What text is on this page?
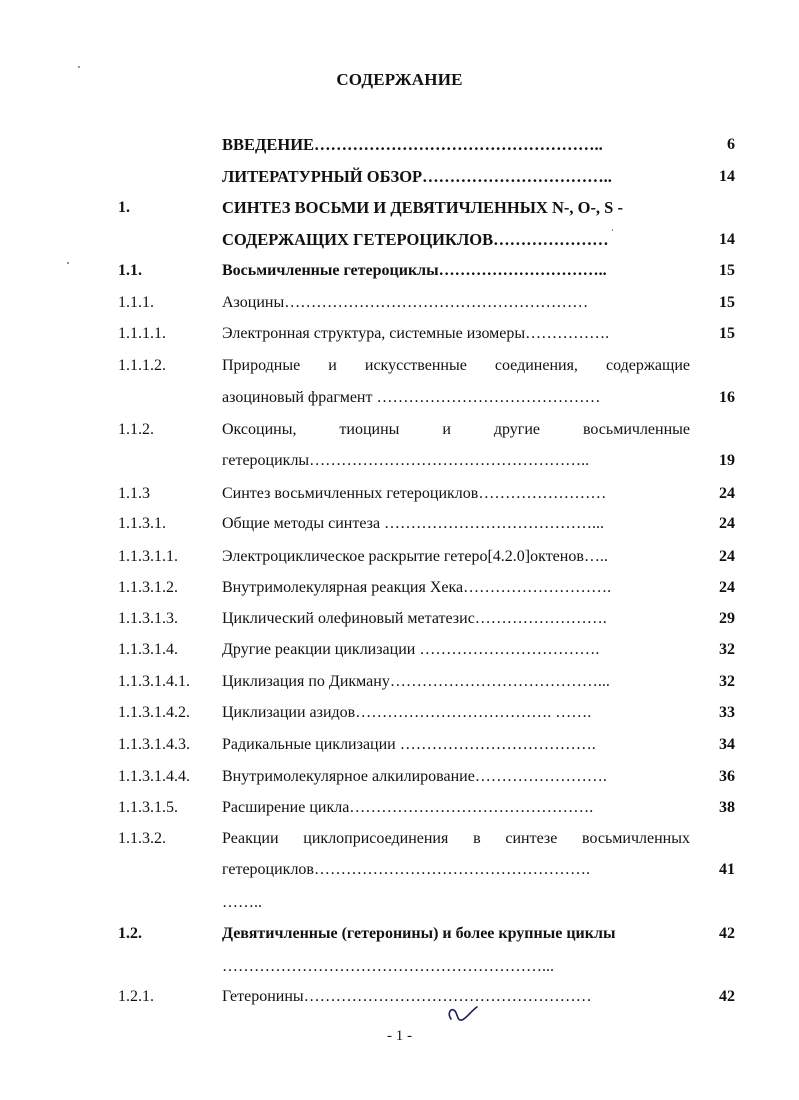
СОДЕРЖАНИЕ
ВВЕДЕНИЕ……………………………………………..	6
ЛИТЕРАТУРНЫЙ ОБЗОР……………………………..	14
1.	СИНТЕЗ ВОСЬМИ И ДЕВЯТИЧЛЕННЫХ N-, O-, S -
СОДЕРЖАЩИХ ГЕТЕРОЦИКЛОВ…………………	14
1.1.	Восьмичленные гетероциклы…………………………..	15
1.1.1.	Азоцины…………………………………………………	15
1.1.1.1.	Электронная структура, системные изомеры…………….	15
1.1.1.2.	Природные и искусственные соединения, содержащие
азоциновый фрагмент ……………………………………	16
1.1.2.	Оксоцины, тиоцины и другие восьмичленные
гетероциклы……………………………………………..	19
1.1.3	Синтез восьмичленных гетероциклов……………………	24
1.1.3.1.	Общие методы синтеза …………………………………...	24
1.1.3.1.1.	Электроциклическое раскрытие гетеро[4.2.0]октенов…..	24
1.1.3.1.2.	Внутримолекулярная реакция Хека……………………….	24
1.1.3.1.3.	Циклический олефиновый метатезис…………………….	29
1.1.3.1.4.	Другие реакции циклизации …………………………….	32
1.1.3.1.4.1. Циклизация по Дикману…………………………………...	32
1.1.3.1.4.2. Циклизации азидов………………………………. …….	33
1.1.3.1.4.3. Радикальные циклизации ……………………………….	34
1.1.3.1.4.4. Внутримолекулярное алкилирование…………………….	36
1.1.3.1.5.	Расширение цикла……………………………………….	38
1.1.3.2.	Реакции циклоприсоединения в синтезе восьмичленных
гетероциклов…………………………………………….	41
……..
1.2.	Девятичленные (гетеронины) и более крупные циклы	42
……………………………………………………...
1.2.1.	Гетеронины………………………………………………	42
- 1 -
